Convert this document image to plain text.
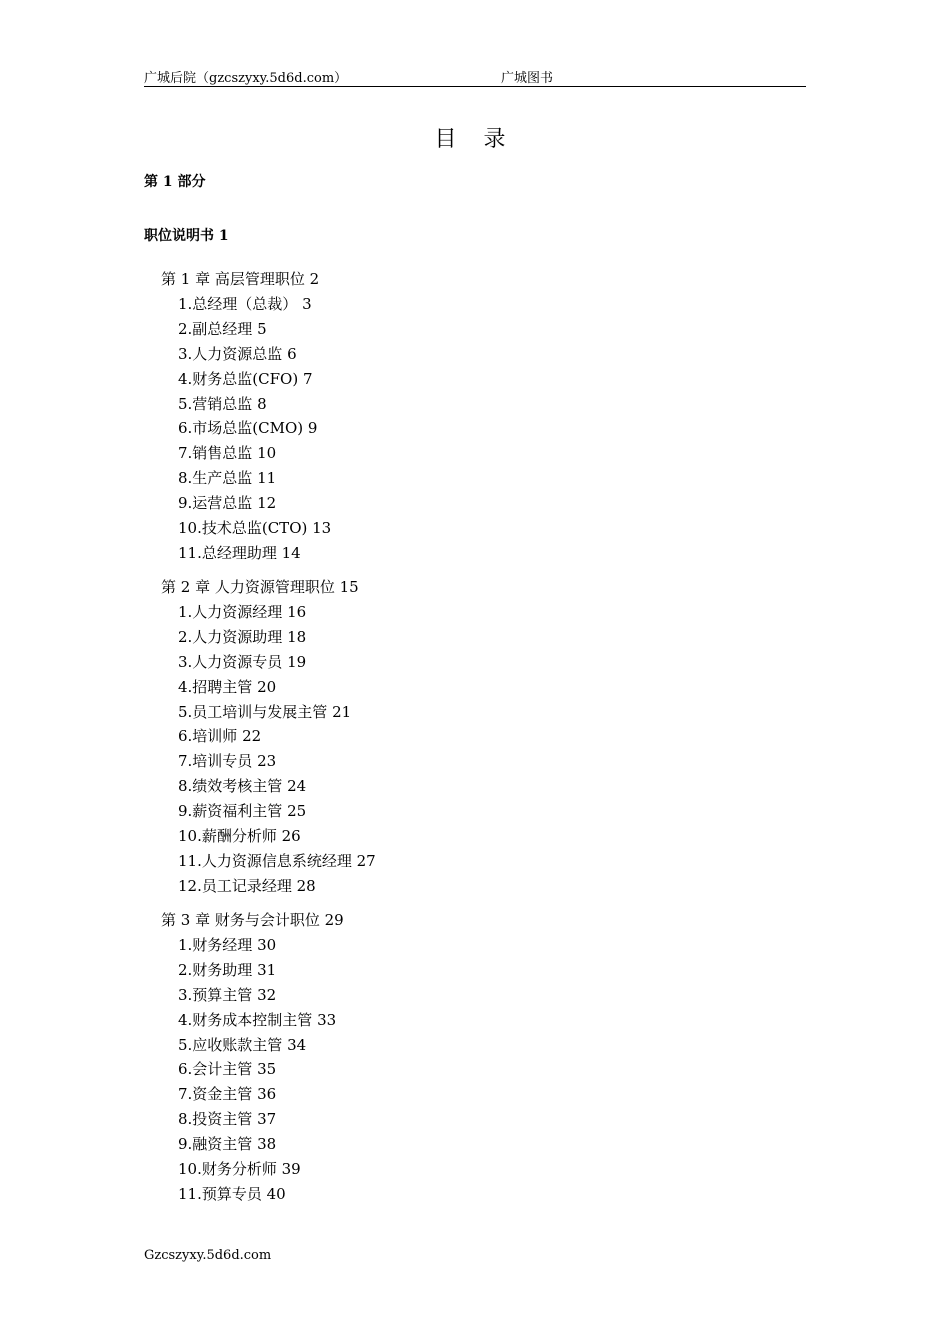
广城后院（gzcszyxy.5d6d.com）	广城图书
目 录
第 1 部分
职位说明书 1
第 1 章 高层管理职位 2
1.总经理（总裁） 3
2.副总经理 5
3.人力资源总监 6
4.财务总监(CFO) 7
5.营销总监 8
6.市场总监(CMO) 9
7.销售总监 10
8.生产总监 11
9.运营总监 12
10.技术总监(CTO) 13
11.总经理助理 14
第 2 章 人力资源管理职位 15
1.人力资源经理 16
2.人力资源助理 18
3.人力资源专员 19
4.招聘主管 20
5.员工培训与发展主管 21
6.培训师 22
7.培训专员 23
8.绩效考核主管 24
9.薪资福利主管 25
10.薪酬分析师 26
11.人力资源信息系统经理 27
12.员工记录经理 28
第 3 章 财务与会计职位 29
1.财务经理 30
2.财务助理 31
3.预算主管 32
4.财务成本控制主管 33
5.应收账款主管 34
6.会计主管 35
7.资金主管 36
8.投资主管 37
9.融资主管 38
10.财务分析师 39
11.预算专员 40
Gzcszyxy.5d6d.com
